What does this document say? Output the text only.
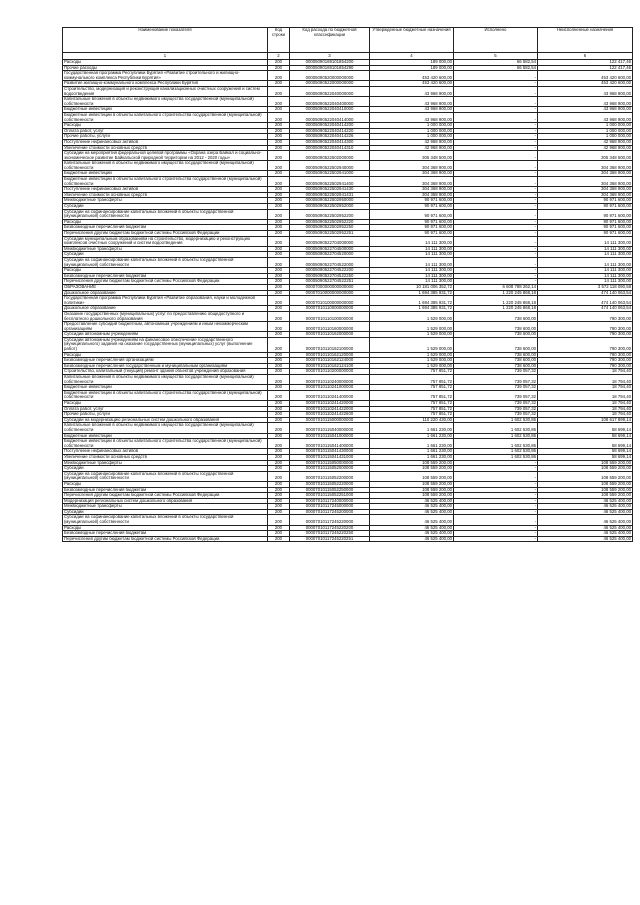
Наименование показателя	Код строки	Код расхода по бюджетной классификации	Утвержденные бюджетные назначения	Исполнено	Неисполненные назначения
1	2	3	4	5	6
Расходы	200	00005090169101854200	189 000,00	66 582,54	122 417,46
Прочие расходы	200	00005090169101854290	189 000,00	66 582,54	122 417,46
Государственная программа Республики Бурятия «Развитие строительного и жилищно-коммунального комплекса Республики Бурятия»	200	00005090520000000000	453 420 600,00	-	453 420 600,00
Развитие жилищно-коммунального комплекса Республики Бурятия	200	00005090522000000000	453 420 600,00	-	453 420 600,00
Строительство, модернизация и реконструкция канализационных очистных сооружений и систем водоотведения	200	00005090522040000000	43 968 900,00	-	43 968 900,00
Капитальные вложения в объекты недвижимого имущества государственной (муниципальной) собственности	200	00005090522040400000	43 968 900,00	-	43 968 900,00
Бюджетные инвестиции	200	00005090522040410000	43 968 900,00	-	43 968 900,00
Бюджетные инвестиции в объекты капитального строительства государственной (муниципальной) собственности	200	00005090522040414000	43 968 900,00	-	43 968 900,00
Расходы	200	00005090522040414200	1 000 000,00	-	1 000 000,00
Оплата работ, услуг	200	00005090522040414220	1 000 000,00	-	1 000 000,00
Прочие работы, услуги	200	00005090522040414226	1 000 000,00	-	1 000 000,00
Поступление нефинансовых активов	200	00005090522040414300	42 968 900,00	-	42 968 900,00
Увеличение стоимости основных средств	200	00005090522040414310	42 968 900,00	-	42 968 900,00
Субсидии на мероприятия федеральной целевой программы «Охрана озера Байкал и социально-экономическое развитие Байкальской природной территории на 2012 - 2020 годы»	200	00005090522502000000	305 348 500,00	-	305 348 500,00
Капитальные вложения в объекты недвижимого имущества государственной (муниципальной) собственности	200	00005090522502940000	304 368 900,00	-	304 368 900,00
Бюджетные инвестиции	200	00005090522502941000	304 368 900,00	-	304 368 900,00
Бюджетные инвестиции в объекты капитального строительства государственной (муниципальной) собственности	200	00005090522502941400	304 368 900,00	-	304 368 900,00
Поступление нефинансовых активов	200	00005090522502941430	304 368 900,00	-	304 368 900,00
Увеличение стоимости основных средств	200	00005090522502941431	304 368 900,00	-	304 368 900,00
Межбюджетные трансферты	200	00005090522502950000	90 971 600,00	-	90 971 600,00
Субсидии	200	00005090522502952000	90 971 600,00	-	90 971 600,00
Субсидии на софинансирование капитальных вложений в объекты государственной (муниципальной) собственности	200	00005090522502952200	90 971 600,00	-	90 971 600,00
Расходы	200	00005090522502952220	90 971 600,00	-	90 971 600,00
Безвозмездные перечисления бюджетам	200	00005090522502952250	90 971 600,00	-	90 971 600,00
Перечисления другим бюджетам бюджетной системы Российской Федерации	200	00005090522502952251	90 971 600,00	-	90 971 600,00
Субсидии муниципальным образованиям на строительство, модернизацию и реконструкцию комплексов очистных сооружений и систем водоотведения	200	00005090522704000000	14 111 300,00	-	14 111 300,00
Межбюджетные трансферты	200	00005090522704500000	14 111 300,00	-	14 111 300,00
Субсидии	200	00005090522704520000	14 111 300,00	-	14 111 300,00
Субсидии на софинансирование капитальных вложений в объекты государственной (муниципальной) собственности	200	00005090522704522000	14 111 300,00	-	14 111 300,00
Расходы	200	00005090522704522200	14 111 300,00	-	14 111 300,00
Безвозмездные перечисления бюджетам	200	00005090522704522250	14 111 300,00	-	14 111 300,00
Перечисления другим бюджетам бюджетной системы Российской Федерации	200	00005090522704522251	14 111 300,00	-	14 111 300,00
ОБРАЗОВАНИЕ	200	00007000000000000000	10 181 006 352,72	6 608 788 262,14	3 572 118 090,58
Дошкольное образование	200	00007010000000000000	1 694 385 931,72	1 220 245 868,18	474 140 063,54
Государственная программа Республики Бурятия «Развитие образования, науки и молодежной политики»	200	00007010100000000000	1 694 385 931,72	1 220 245 868,18	474 140 063,54
Дошкольное образование	200	00007010110000000000	1 694 385 931,72	1 220 245 868,18	474 140 063,54
Оказание государственных (муниципальных) услуг по предоставлению общедоступного и бесплатного дошкольного образования	200	00007010110100000000	1 529 000,00	738 600,00	790 300,00
Предоставление субсидий бюджетным, автономным учреждениям и иным некоммерческим организациям	200	00007010110160000000	1 529 000,00	738 600,00	790 300,00
Субсидии автономным учреждениям	200	00007010110162000000	1 529 000,00	738 600,00	790 300,00
Субсидии автономным учреждениям на финансовое обеспечение государственного (муниципального) задания на оказание государственных (муниципальных) услуг (выполнение работ)	200	00007010110162100000	1 529 000,00	738 600,00	790 300,00
Расходы	200	00007010110162120000	1 529 000,00	738 600,00	790 300,00
Безвозмездные перечисления организациям	200	00007010110162124000	1 529 000,00	738 600,00	790 300,00
Безвозмездные перечисления государственным и муниципальным организациям	200	00007010110162124100	1 529 000,00	738 600,00	790 300,00
Строительство, капитальный (текущий) ремонт зданий объектов учреждений образования	200	00007010110200000000	757 851,72	739 057,32	18 794,40
Капитальные вложения в объекты недвижимого имущества государственной (муниципальной) собственности	200	00007010110240000000	757 851,72	739 057,32	18 794,40
Бюджетные инвестиции	200	00007010110241000000	757 851,72	739 057,32	18 794,40
Бюджетные инвестиции в объекты капитального строительства государственной (муниципальной) собственности	200	00007010110241400000	757 851,72	739 057,32	18 794,40
Расходы	200	00007010110241420000	757 851,72	739 057,32	18 794,40
Оплата работ, услуг	200	00007010110241422000	757 851,72	739 057,32	18 794,40
Прочие работы, услуги	200	00007010110241422600	757 851,72	739 057,32	18 794,40
Субсидии на модернизацию региональных систем дошкольного образования	200	00007010115000000000	110 220 430,00	1 602 530,86	108 617 899,14
Капитальные вложения в объекты недвижимого имущества государственной (муниципальной) собственности	200	00007010115040000000	1 661 230,00	1 602 530,86	58 699,14
Бюджетные инвестиции	200	00007010115041000000	1 661 230,00	1 602 530,86	58 699,14
Бюджетные инвестиции в объекты капитального строительства государственной (муниципальной) собственности	200	00007010115041400000	1 661 230,00	1 602 530,86	58 699,14
Поступление нефинансовых активов	200	00007010115041430000	1 661 230,00	1 602 530,86	58 699,14
Увеличение стоимости основных средств	200	00007010115041431000	1 661 230,00	1 602 530,86	58 699,14
Межбюджетные трансферты	200	00007010115050000000	108 559 200,00	-	108 559 200,00
Субсидии	200	00007010115052000000	108 559 200,00	-	108 559 200,00
Субсидии на софинансирование капитальных вложений в объекты государственной (муниципальной) собственности	200	00007010115052200000	108 559 200,00	-	108 559 200,00
Расходы	200	00007010115052220000	108 559 200,00	-	108 559 200,00
Безвозмездные перечисления бюджетам	200	00007010115052250000	108 559 200,00	-	108 559 200,00
Перечисления другим бюджетам бюджетной системы Российской Федерации	200	00007010115052251000	108 559 200,00	-	108 559 200,00
Модернизация региональных систем дошкольного образования	200	00007010117240000000	46 525 400,00	-	46 525 400,00
Межбюджетные трансферты	200	00007010117245000000	46 525 400,00	-	46 525 400,00
Субсидии	200	00007010117245200000	46 525 400,00	-	46 525 400,00
Субсидии на софинансирование капитальных вложений в объекты государственной (муниципальной) собственности	200	00007010117245220000	46 525 400,00	-	46 525 400,00
Расходы	200	00007010117245220200	46 525 400,00	-	46 525 400,00
Безвозмездные перечисления бюджетам	200	00007010117245220250	46 525 400,00	-	46 525 400,00
Перечисления другим бюджетам бюджетной системы Российской Федерации	200	00007010117245220251	46 525 400,00	-	46 525 400,00
